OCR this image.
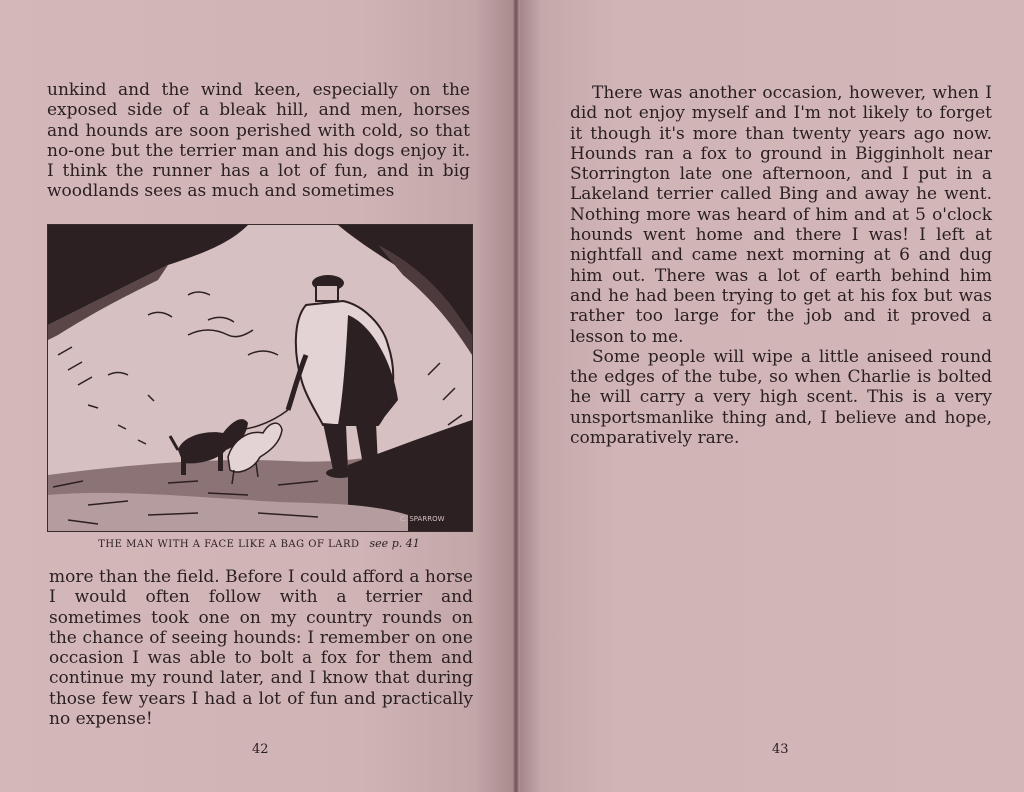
unkind and the wind keen, especially on the exposed side of a bleak hill, and men, horses and hounds are soon perished with cold, so that no-one but the terrier man and his dogs enjoy it. I think the runner has a lot of fun, and in big woodlands sees as much and sometimes

C. SPARROW
THE MAN WITH A FACE LIKE A BAG OF LARD see p. 41

more than the field. Before I could afford a horse I would often follow with a terrier and sometimes took one on my country rounds on the chance of seeing hounds: I remember on one occasion I was able to bolt a fox for them and continue my round later, and I know that during those few years I had a lot of fun and practically no expense!

42

There was another occasion, however, when I did not enjoy myself and I'm not likely to forget it though it's more than twenty years ago now. Hounds ran a fox to ground in Bigginholt near Storrington late one afternoon, and I put in a Lakeland terrier called Bing and away he went. Nothing more was heard of him and at 5 o'clock hounds went home and there I was! I left at nightfall and came next morning at 6 and dug him out. There was a lot of earth behind him and he had been trying to get at his fox but was rather too large for the job and it proved a lesson to me.

Some people will wipe a little aniseed round the edges of the tube, so when Charlie is bolted he will carry a very high scent. This is a very unsportsmanlike thing and, I believe and hope, comparatively rare.

43
